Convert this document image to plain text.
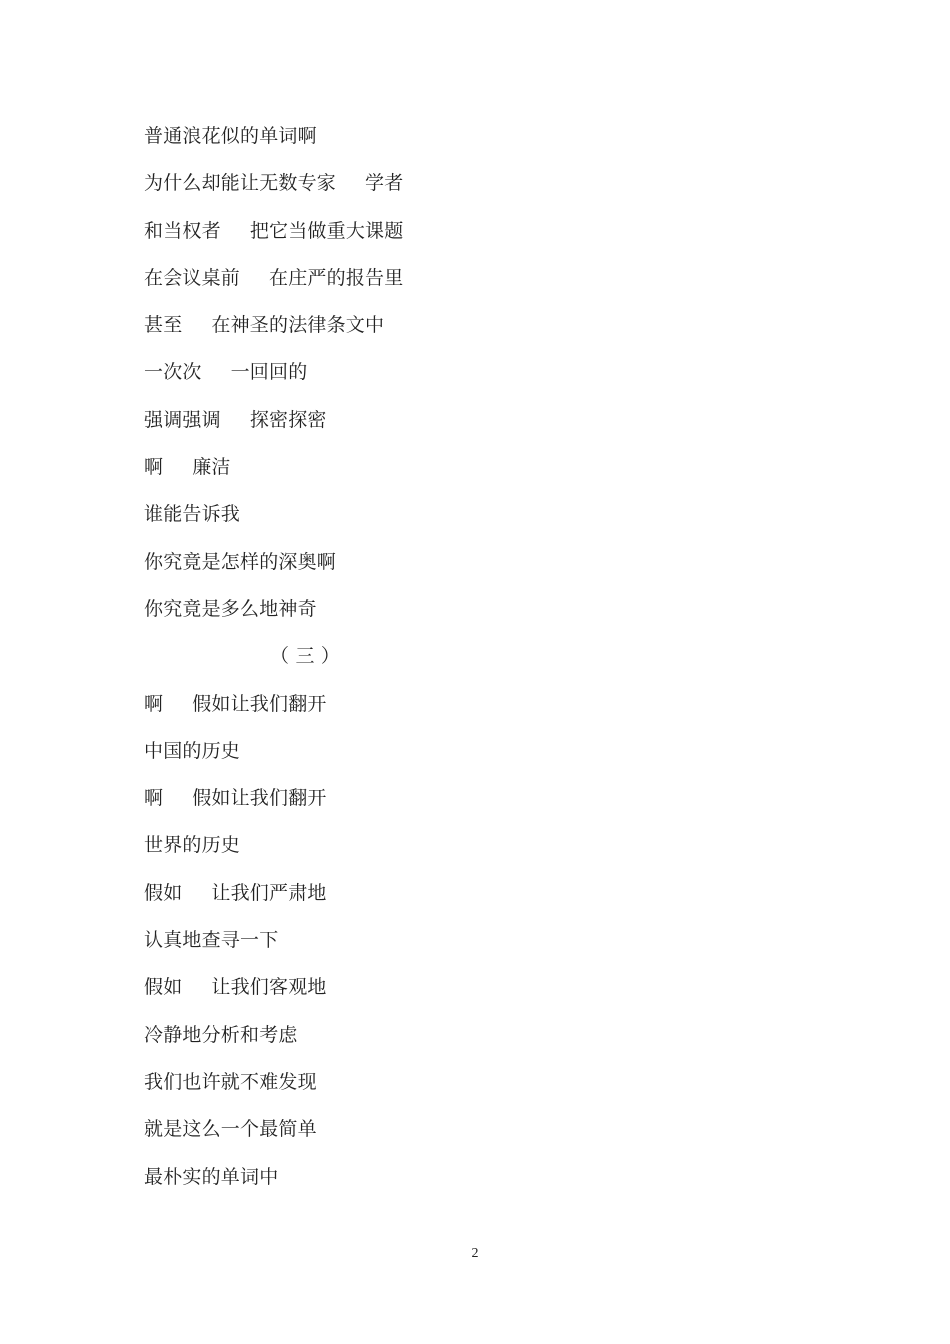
普通浪花似的单词啊
为什么却能让无数专家 学者
和当权者 把它当做重大课题
在会议桌前 在庄严的报告里
甚至 在神圣的法律条文中
一次次 一回回的
强调强调 探密探密
啊 廉洁
谁能告诉我
你究竟是怎样的深奥啊
你究竟是多么地神奇
（ 三 ）
啊 假如让我们翻开
中国的历史
啊 假如让我们翻开
世界的历史
假如 让我们严肃地
认真地查寻一下
假如 让我们客观地
冷静地分析和考虑
我们也许就不难发现
就是这么一个最简单
最朴实的单词中
2
